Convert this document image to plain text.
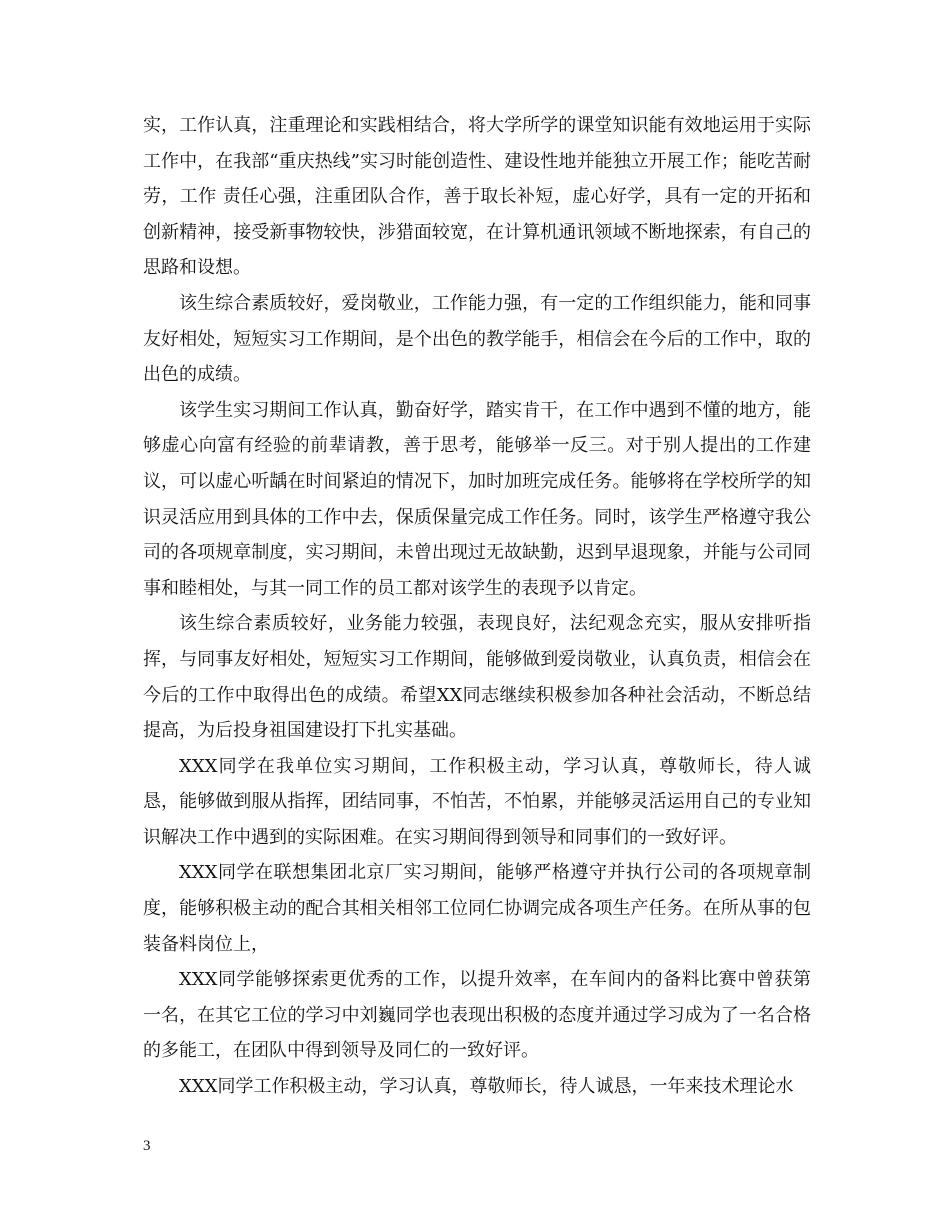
实，工作认真，注重理论和实践相结合，将大学所学的课堂知识能有效地运用于实际工作中，在我部“重庆热线”实习时能创造性、建设性地并能独立开展工作；能吃苦耐劳，工作 责任心强，注重团队合作，善于取长补短，虚心好学，具有一定的开拓和创新精神，接受新事物较快，涉猎面较宽，在计算机通讯领域不断地探索，有自己的思路和设想。

该生综合素质较好，爱岗敬业，工作能力强，有一定的工作组织能力，能和同事友好相处，短短实习工作期间，是个出色的教学能手，相信会在今后的工作中，取的出色的成绩。

该学生实习期间工作认真，勤奋好学，踏实肯干，在工作中遇到不懂的地方，能够虚心向富有经验的前辈请教，善于思考，能够举一反三。对于别人提出的工作建议，可以虚心听龋在时间紧迫的情况下，加时加班完成任务。能够将在学校所学的知识灵活应用到具体的工作中去，保质保量完成工作任务。同时，该学生严格遵守我公司的各项规章制度，实习期间，未曾出现过无故缺勤，迟到早退现象，并能与公司同事和睦相处，与其一同工作的员工都对该学生的表现予以肯定。

该生综合素质较好，业务能力较强，表现良好，法纪观念充实，服从安排听指挥，与同事友好相处，短短实习工作期间，能够做到爱岗敬业，认真负责，相信会在今后的工作中取得出色的成绩。希望XX同志继续积极参加各种社会活动，不断总结提高，为后投身祖国建设打下扎实基础。

XXX同学在我单位实习期间，工作积极主动，学习认真，尊敬师长，待人诚恳，能够做到服从指挥，团结同事，不怕苦，不怕累，并能够灵活运用自己的专业知识解决工作中遇到的实际困难。在实习期间得到领导和同事们的一致好评。

XXX同学在联想集团北京厂实习期间，能够严格遵守并执行公司的各项规章制度，能够积极主动的配合其相关相邻工位同仁协调完成各项生产任务。在所从事的包装备料岗位上，

XXX同学能够探索更优秀的工作，以提升效率，在车间内的备料比赛中曾获第一名，在其它工位的学习中刘巍同学也表现出积极的态度并通过学习成为了一名合格的多能工，在团队中得到领导及同仁的一致好评。

XXX同学工作积极主动，学习认真，尊敬师长，待人诚恳，一年来技术理论水

3
